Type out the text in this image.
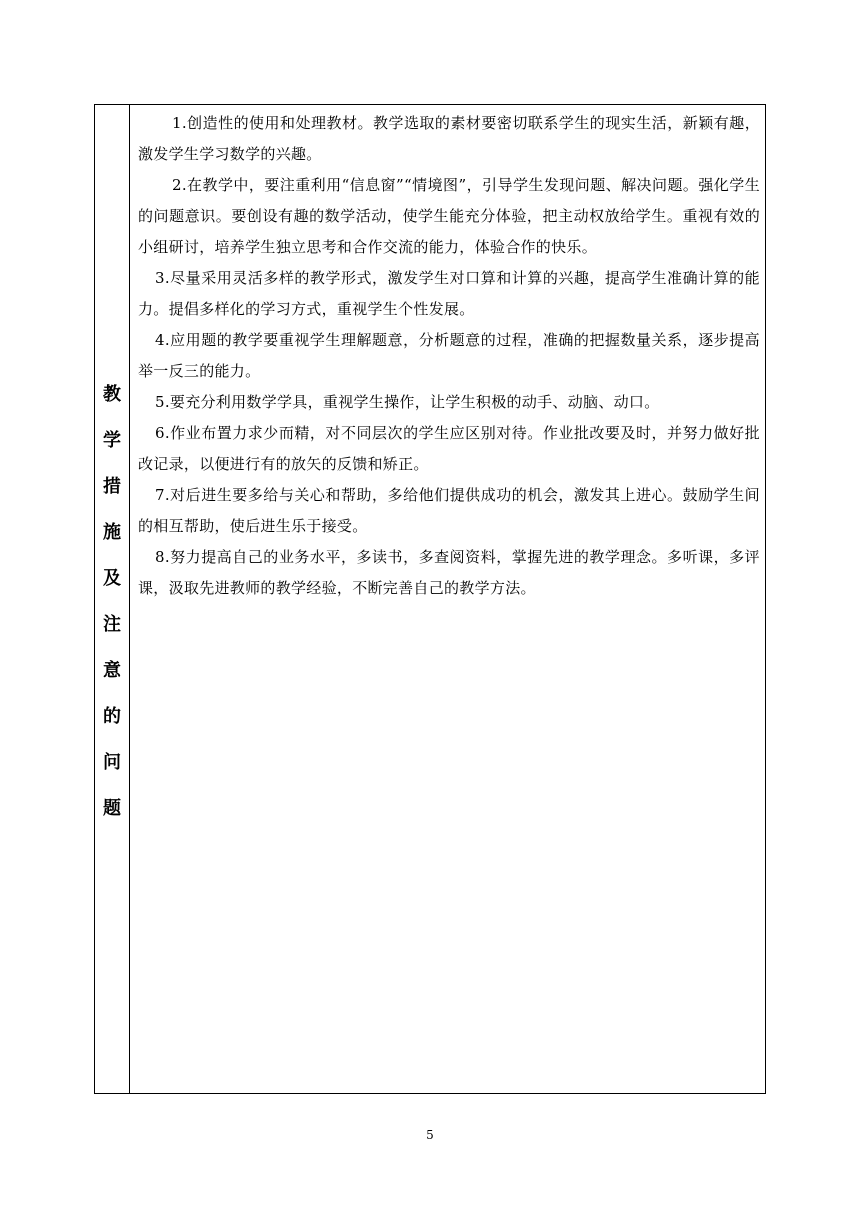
教
学
措
施
及
注
意
的
问
题

1.创造性的使用和处理教材。教学选取的素材要密切联系学生的现实生活，新颖有趣，激发学生学习数学的兴趣。

2.在教学中，要注重利用“信息窗”“情境图”，引导学生发现问题、解决问题。强化学生的问题意识。要创设有趣的数学活动，使学生能充分体验，把主动权放给学生。重视有效的小组研讨，培养学生独立思考和合作交流的能力，体验合作的快乐。

3.尽量采用灵活多样的教学形式，激发学生对口算和计算的兴趣，提高学生准确计算的能力。提倡多样化的学习方式，重视学生个性发展。

4.应用题的教学要重视学生理解题意，分析题意的过程，准确的把握数量关系，逐步提高举一反三的能力。

5.要充分利用数学学具，重视学生操作，让学生积极的动手、动脑、动口。

6.作业布置力求少而精，对不同层次的学生应区别对待。作业批改要及时，并努力做好批改记录，以便进行有的放矢的反馈和矫正。

7.对后进生要多给与关心和帮助，多给他们提供成功的机会，激发其上进心。鼓励学生间的相互帮助，使后进生乐于接受。

8.努力提高自己的业务水平，多读书，多查阅资料，掌握先进的教学理念。多听课，多评课，汲取先进教师的教学经验，不断完善自己的教学方法。

5
